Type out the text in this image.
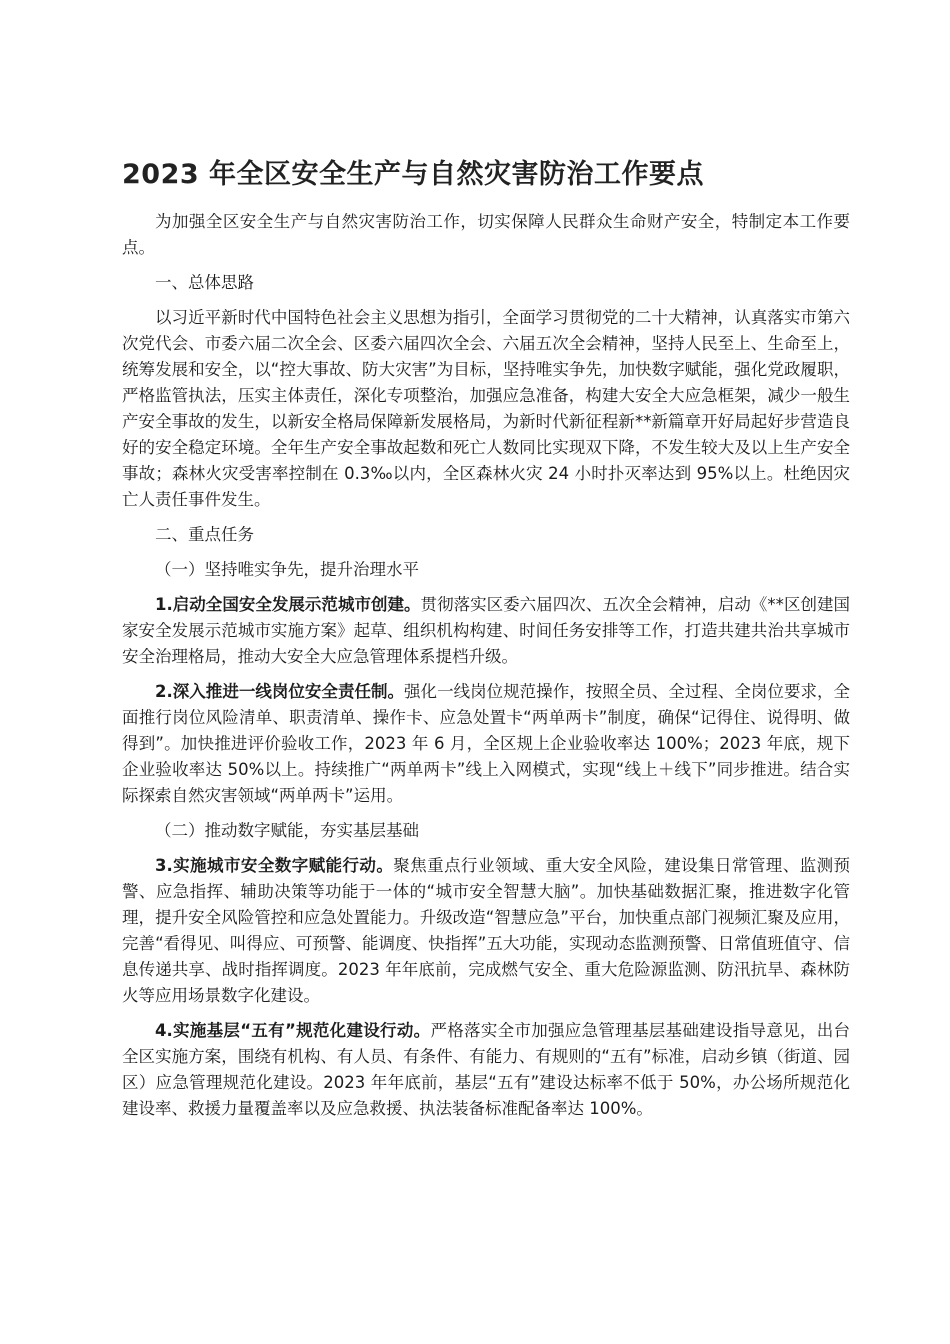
2023 年全区安全生产与自然灾害防治工作要点

为加强全区安全生产与自然灾害防治工作，切实保障人民群众生命财产安全，特制定本工作要点。

一、总体思路

以习近平新时代中国特色社会主义思想为指引，全面学习贯彻党的二十大精神，认真落实市第六次党代会、市委六届二次全会、区委六届四次全会、六届五次全会精神，坚持人民至上、生命至上，统筹发展和安全，以“控大事故、防大灾害”为目标，坚持唯实争先，加快数字赋能，强化党政履职，严格监管执法，压实主体责任，深化专项整治，加强应急准备，构建大安全大应急框架，减少一般生产安全事故的发生，以新安全格局保障新发展格局，为新时代新征程新**新篇章开好局起好步营造良好的安全稳定环境。全年生产安全事故起数和死亡人数同比实现双下降，不发生较大及以上生产安全事故；森林火灾受害率控制在 0.3‰以内，全区森林火灾 24 小时扑灭率达到 95%以上。杜绝因灾亡人责任事件发生。

二、重点任务

（一）坚持唯实争先，提升治理水平

1.启动全国安全发展示范城市创建。贯彻落实区委六届四次、五次全会精神，启动《**区创建国家安全发展示范城市实施方案》起草、组织机构构建、时间任务安排等工作，打造共建共治共享城市安全治理格局，推动大安全大应急管理体系提档升级。

2.深入推进一线岗位安全责任制。强化一线岗位规范操作，按照全员、全过程、全岗位要求，全面推行岗位风险清单、职责清单、操作卡、应急处置卡“两单两卡”制度，确保“记得住、说得明、做得到”。加快推进评价验收工作，2023 年 6 月，全区规上企业验收率达 100%；2023 年底，规下企业验收率达 50%以上。持续推广“两单两卡”线上入网模式，实现“线上＋线下”同步推进。结合实际探索自然灾害领域“两单两卡”运用。

（二）推动数字赋能，夯实基层基础

3.实施城市安全数字赋能行动。聚焦重点行业领域、重大安全风险，建设集日常管理、监测预警、应急指挥、辅助决策等功能于一体的“城市安全智慧大脑”。加快基础数据汇聚，推进数字化管理，提升安全风险管控和应急处置能力。升级改造“智慧应急”平台，加快重点部门视频汇聚及应用，完善“看得见、叫得应、可预警、能调度、快指挥”五大功能，实现动态监测预警、日常值班值守、信息传递共享、战时指挥调度。2023 年年底前，完成燃气安全、重大危险源监测、防汛抗旱、森林防火等应用场景数字化建设。

4.实施基层“五有”规范化建设行动。严格落实全市加强应急管理基层基础建设指导意见，出台全区实施方案，围绕有机构、有人员、有条件、有能力、有规则的“五有”标准，启动乡镇（街道、园区）应急管理规范化建设。2023 年年底前，基层“五有”建设达标率不低于 50%，办公场所规范化建设率、救援力量覆盖率以及应急救援、执法装备标准配备率达 100%。
